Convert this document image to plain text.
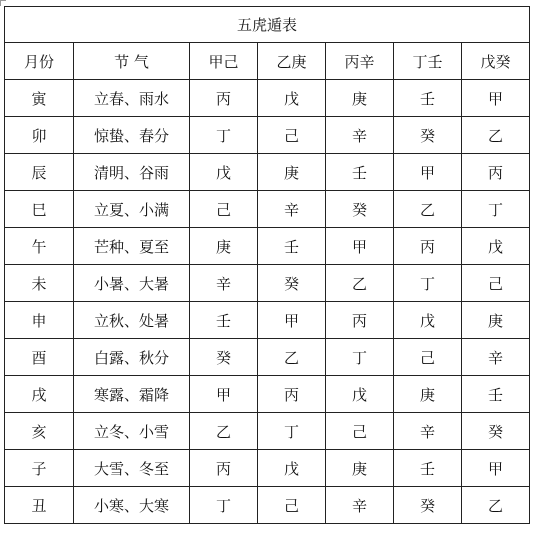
五虎遁表						
月份	节 气	甲己	乙庚	丙辛	丁壬	戊癸
寅	立春、雨水	丙	戊	庚	壬	甲
卯	惊蛰、春分	丁	己	辛	癸	乙
辰	清明、谷雨	戊	庚	壬	甲	丙
巳	立夏、小满	己	辛	癸	乙	丁
午	芒种、夏至	庚	壬	甲	丙	戊
未	小暑、大暑	辛	癸	乙	丁	己
申	立秋、处暑	壬	甲	丙	戊	庚
酉	白露、秋分	癸	乙	丁	己	辛
戌	寒露、霜降	甲	丙	戊	庚	壬
亥	立冬、小雪	乙	丁	己	辛	癸
子	大雪、冬至	丙	戊	庚	壬	甲
丑	小寒、大寒	丁	己	辛	癸	乙
